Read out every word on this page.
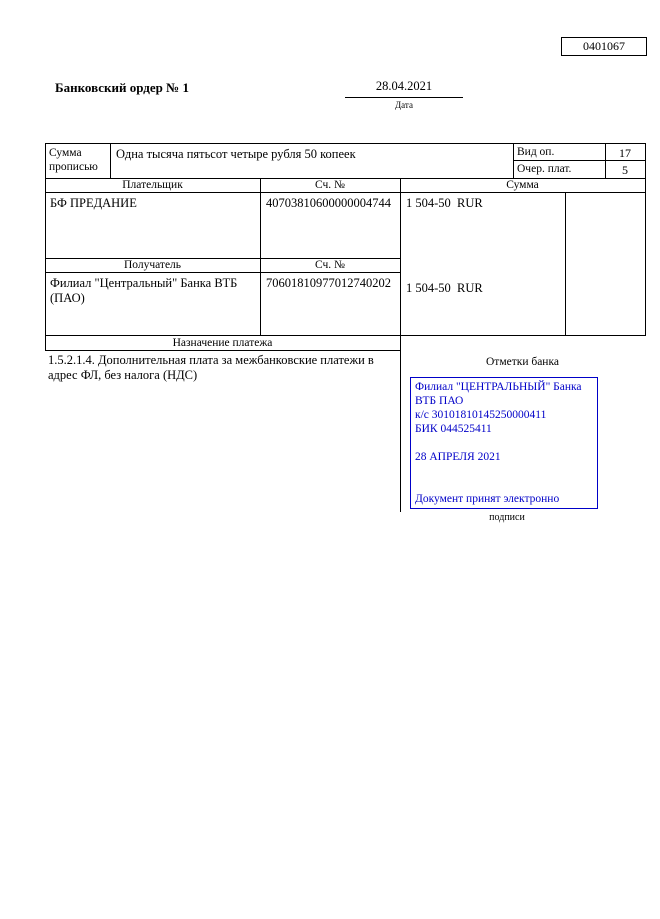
0401067
Банковский ордер № 1	28.04.2021
Дата
Сумма прописью
Одна тысяча пятьсот четыре рубля 50 копеек	Вид оп.	17
Очер. плат.	5
Плательщик	Сч. №	Сумма
БФ ПРЕДАНИЕ	40703810600000004744 1 504-50  RUR
Получатель	Сч. №
Филиал "Центральный" Банка ВТБ (ПАО)
70601810977012740202 1 504-50  RUR
Назначение платежа
1.5.2.1.4. Дополнительная плата за межбанковские платежи в адрес ФЛ, без налога (НДС)
Отметки банка
Филиал "ЦЕНТРАЛЬНЫЙ" Банка
ВТБ ПАО
к/с 30101810145250000411
БИК 044525411
28 АПРЕЛЯ 2021
Документ принят электронно
подписи
